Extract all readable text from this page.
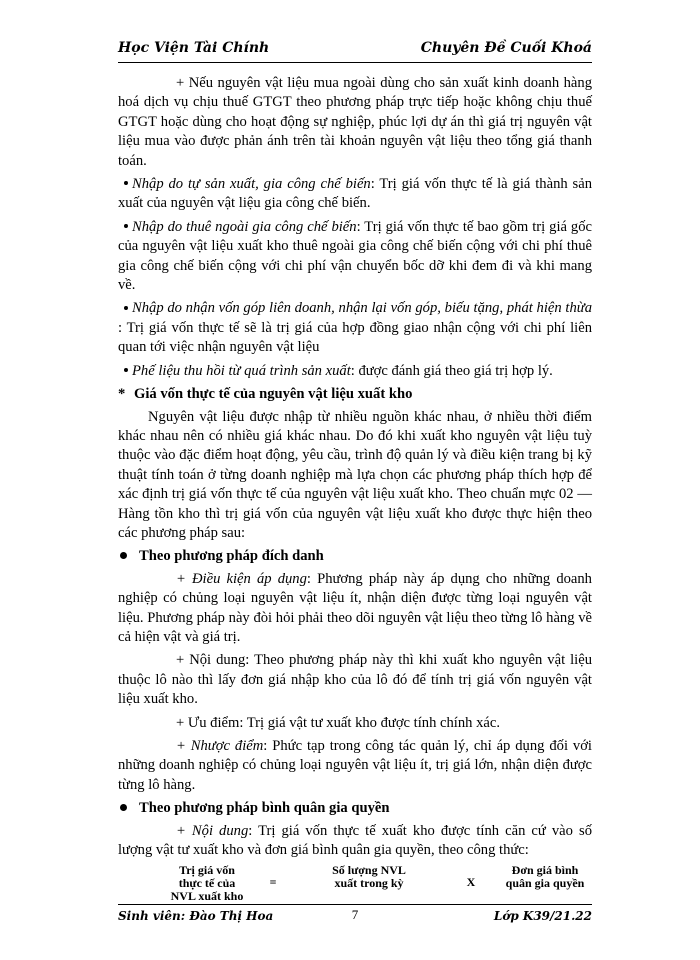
Học Viện Tài Chính	Chuyên Đề Cuối Khoá

+ Nếu nguyên vật liệu mua ngoài dùng cho sản xuất kinh doanh hàng hoá dịch vụ chịu thuế GTGT theo phương pháp trực tiếp hoặc không chịu thuế GTGT hoặc dùng cho hoạt động sự nghiệp, phúc lợi dự án thì giá trị nguyên vật liệu mua vào được phản ánh trên tài khoản nguyên vật liệu theo tổng giá thanh toán.

Nhập do tự sản xuất, gia công chế biến: Trị giá vốn thực tế là giá thành sản xuất của nguyên vật liệu gia công chế biến.

Nhập do thuê ngoài gia công chế biến: Trị giá vốn thực tế bao gồm trị giá gốc của nguyên vật liệu xuất kho thuê ngoài gia công chế biến cộng với chi phí thuê gia công chế biến cộng với chi phí vận chuyển bốc dỡ khi đem đi và khi mang về.

Nhập do nhận vốn góp liên doanh, nhận lại vốn góp, biếu tặng, phát hiện thừa : Trị giá vốn thực tế sẽ là trị giá của hợp đồng giao nhận cộng với chi phí liên quan tới việc nhận nguyên vật liệu

Phế liệu thu hồi từ quá trình sản xuất: được đánh giá theo giá trị hợp lý.

* Giá vốn thực tế của nguyên vật liệu xuất kho

Nguyên vật liệu được nhập từ nhiều nguồn khác nhau, ở nhiều thời điểm khác nhau nên có nhiều giá khác nhau. Do đó khi xuất kho nguyên vật liệu tuỳ thuộc vào đặc điểm hoạt động, yêu cầu, trình độ quản lý và điều kiện trang bị kỹ thuật tính toán ở từng doanh nghiệp mà lựa chọn các phương pháp thích hợp để xác định trị giá vốn thực tế của nguyên vật liệu xuất kho. Theo chuẩn mực 02 — Hàng tồn kho thì trị giá vốn của nguyên vật liệu xuất kho được thực hiện theo các phương pháp sau:

Theo phương pháp đích danh

+ Điều kiện áp dụng: Phương pháp này áp dụng cho những doanh nghiệp có chủng loại nguyên vật liệu ít, nhận diện được từng loại nguyên vật liệu. Phương pháp này đòi hỏi phải theo dõi nguyên vật liệu theo từng lô hàng về cả hiện vật và giá trị.

+ Nội dung: Theo phương pháp này thì khi xuất kho nguyên vật liệu thuộc lô nào thì lấy đơn giá nhập kho của lô đó để tính trị giá vốn nguyên vật liệu xuất kho.

+ Ưu điểm: Trị giá vật tư xuất kho được tính chính xác.

+ Nhược điểm: Phức tạp trong công tác quản lý, chỉ áp dụng đối với những doanh nghiệp có chủng loại nguyên vật liệu ít, trị giá lớn, nhận diện được từng lô hàng.

Theo phương pháp bình quân gia quyền

+ Nội dung: Trị giá vốn thực tế xuất kho được tính căn cứ vào số lượng vật tư xuất kho và đơn giá bình quân gia quyền, theo công thức:

Trị giá vốn
thực tế của
NVL xuất kho
=
Số lượng NVL
xuất trong kỳ	X
Đơn giá bình
quân gia quyền
Sinh viên: Đào Thị Hoa	7	Lớp K39/21.22
